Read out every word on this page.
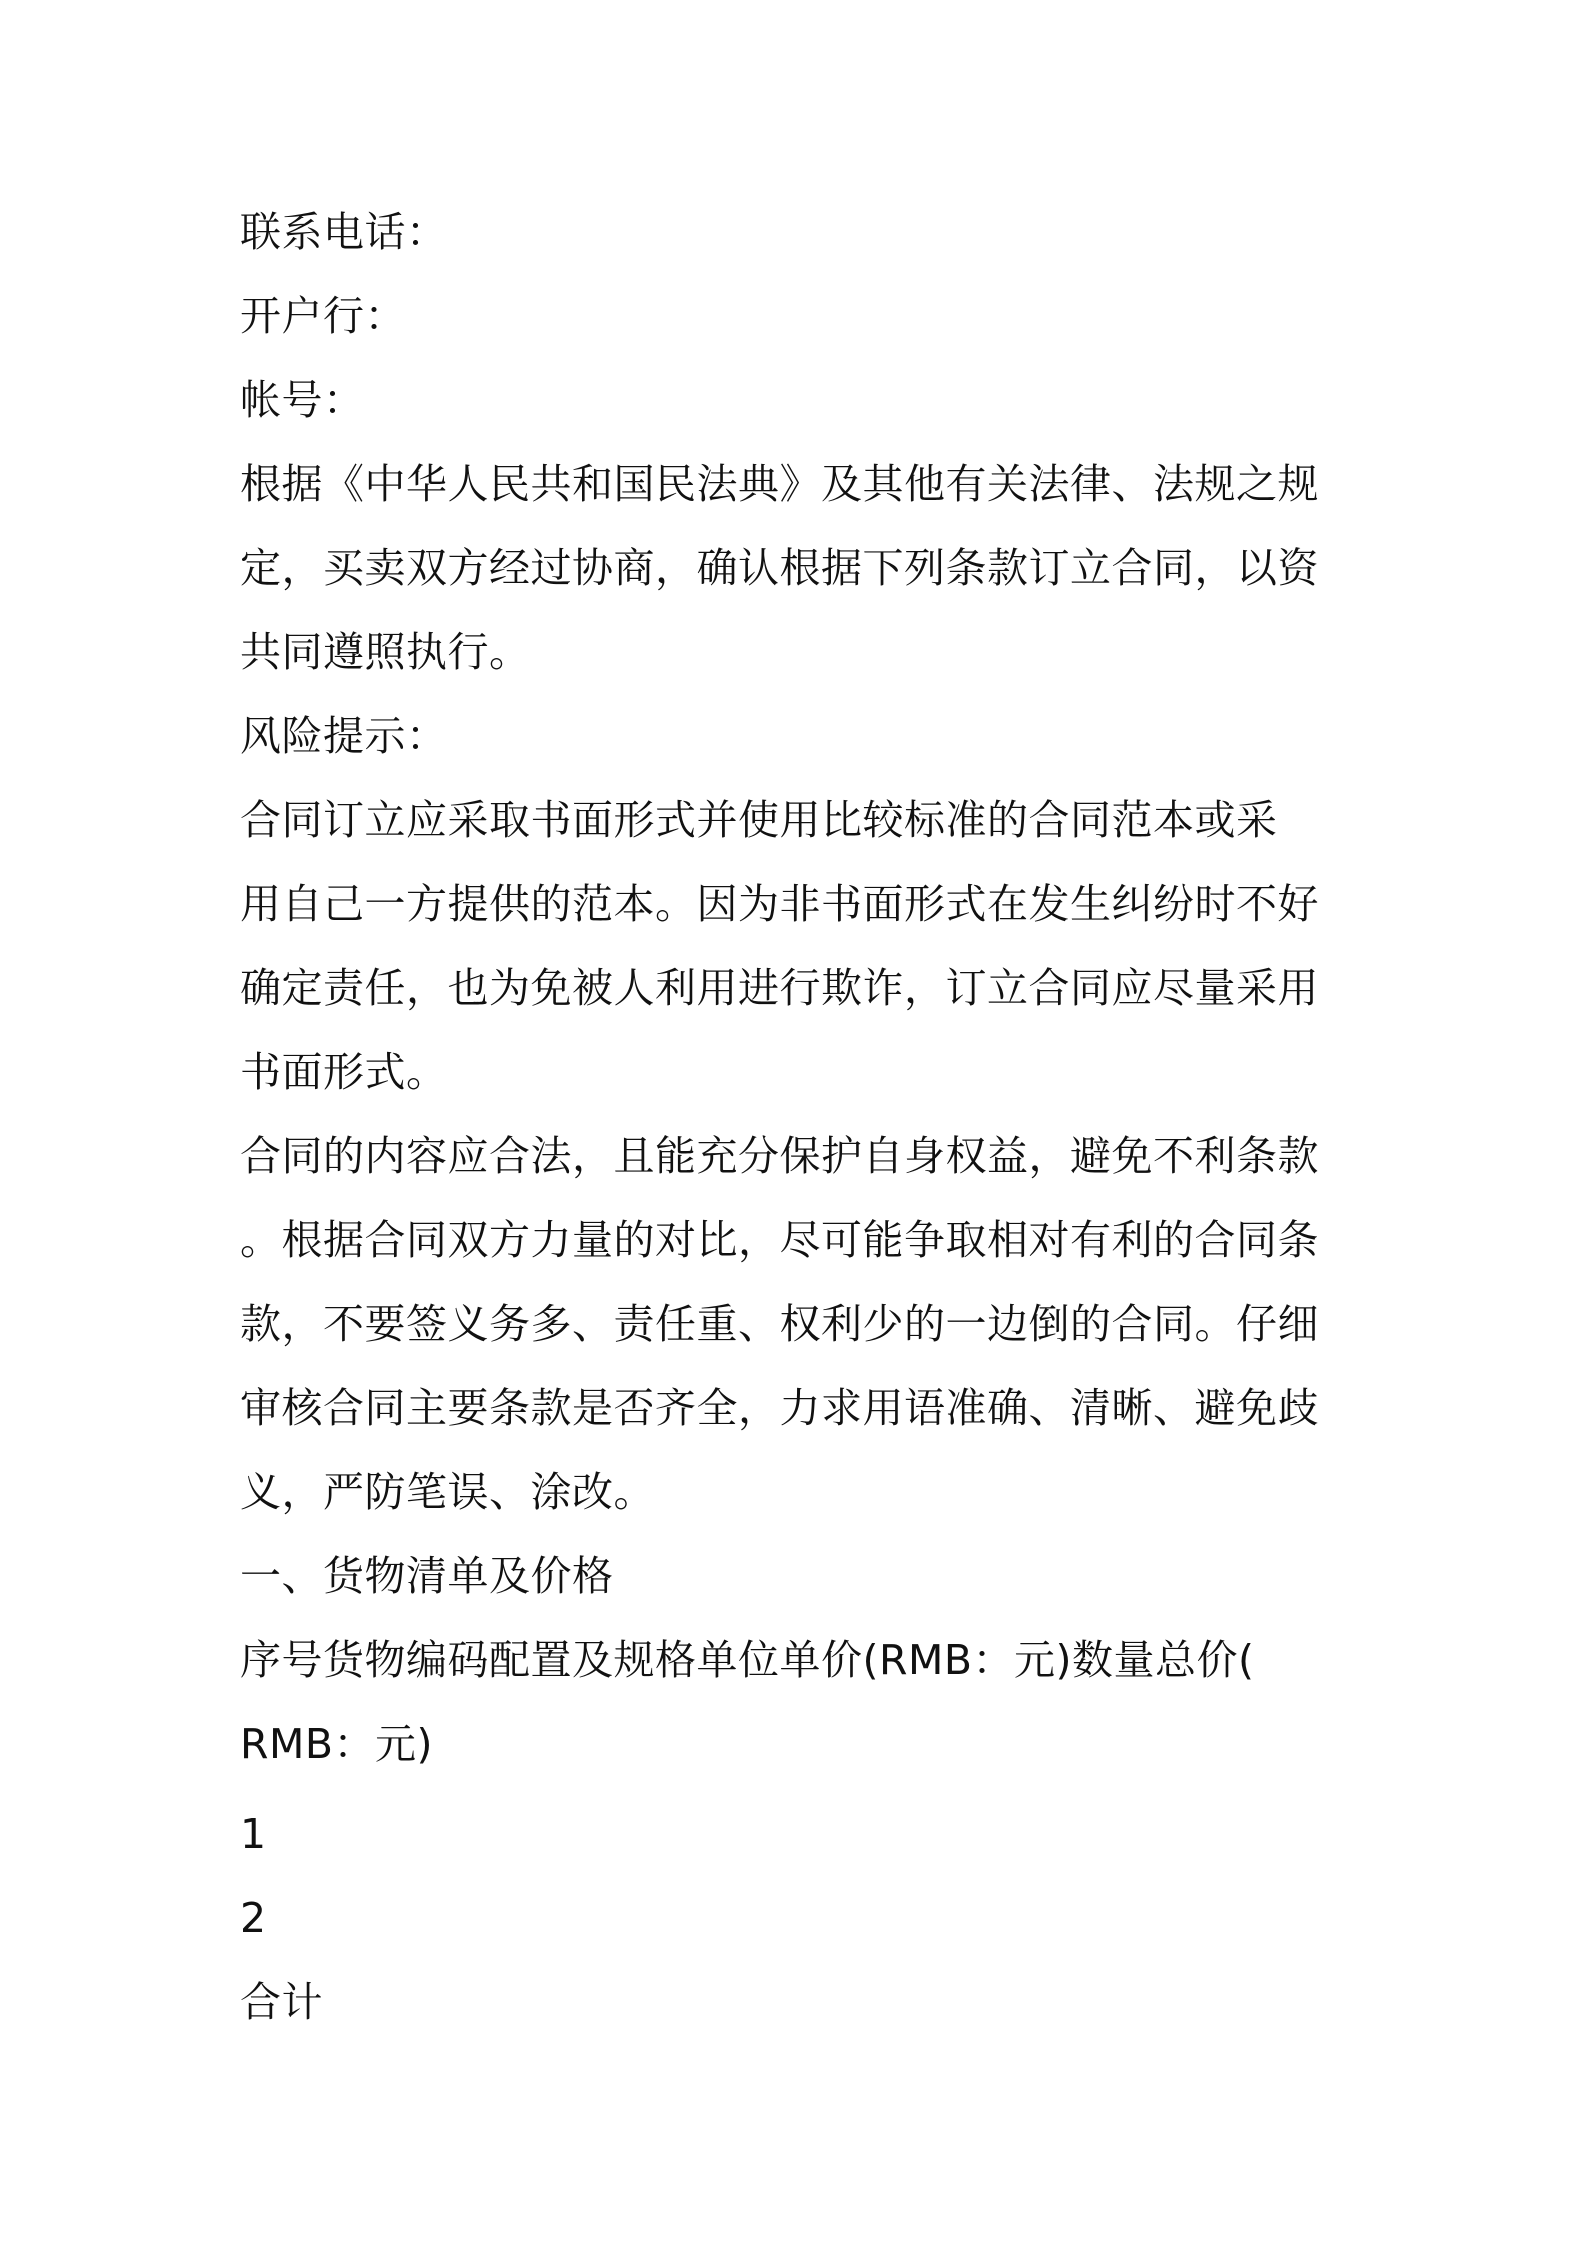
联系电话：
开户行：
帐号：
根据《中华人民共和国民法典》及其他有关法律、法规之规
定，买卖双方经过协商，确认根据下列条款订立合同，以资
共同遵照执行。
风险提示：
合同订立应采取书面形式并使用比较标准的合同范本或采
用自己一方提供的范本。因为非书面形式在发生纠纷时不好
确定责任，也为免被人利用进行欺诈，订立合同应尽量采用
书面形式。
合同的内容应合法，且能充分保护自身权益，避免不利条款
。根据合同双方力量的对比，尽可能争取相对有利的合同条
款，不要签义务多、责任重、权利少的一边倒的合同。仔细
审核合同主要条款是否齐全，力求用语准确、清晰、避免歧
义，严防笔误、涂改。
一、货物清单及价格
序号货物编码配置及规格单位单价(RMB：元)数量总价(
RMB：元)
1
2
合计
